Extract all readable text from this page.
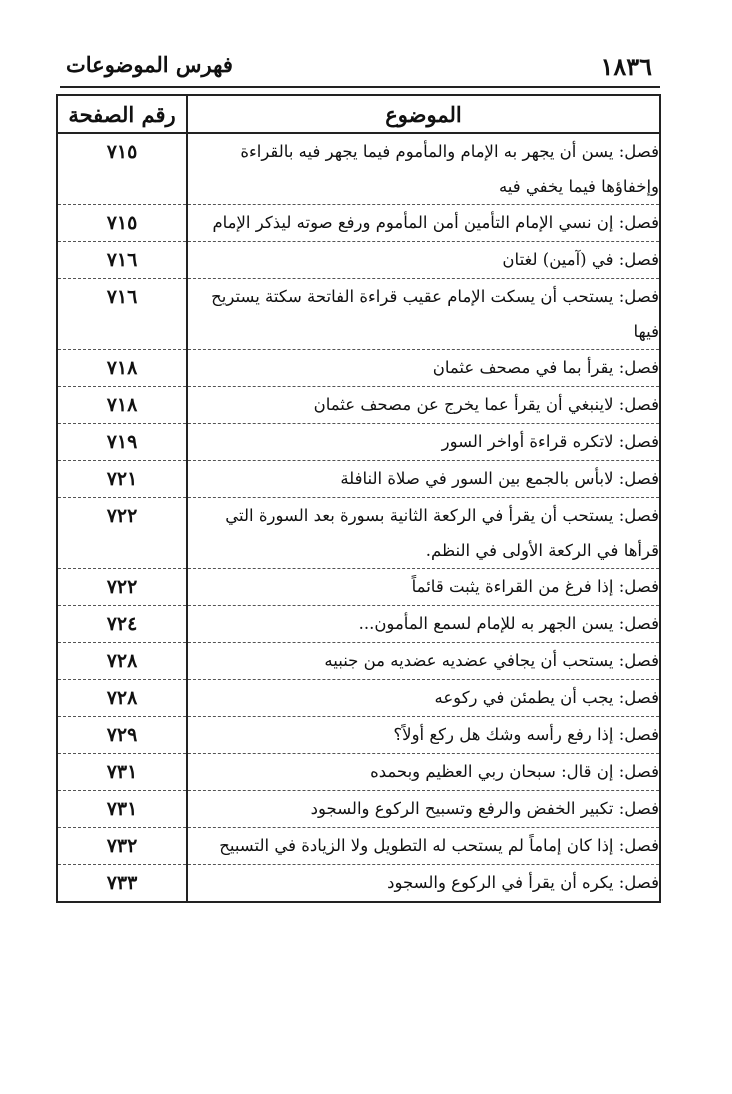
١٨٣٦
فهرس الموضوعات
الموضوع	رقم الصفحة
فصل: يسن أن يجهر به الإمام والمأموم فيما يجهر فيه بالقراءة وإخفاؤها فيما يخفي فيه	٧١٥
فصل: إن نسي الإمام التأمين أمن المأموم ورفع صوته ليذكر الإمام	٧١٥
فصل: في (آمين) لغتان	٧١٦
فصل: يستحب أن يسكت الإمام عقيب قراءة الفاتحة سكتة يستريح فيها	٧١٦
فصل: يقرأ بما في مصحف عثمان	٧١٨
فصل: لاينبغي أن يقرأ عما يخرج عن مصحف عثمان	٧١٨
فصل: لاتكره قراءة أواخر السور	٧١٩
فصل: لابأس بالجمع بين السور في صلاة النافلة	٧٢١
فصل: يستحب أن يقرأ في الركعة الثانية بسورة بعد السورة التي قرأها في الركعة الأولى في النظم.	٧٢٢
فصل: إذا فرغ من القراءة يثبت قائماً	٧٢٢
فصل: يسن الجهر به للإمام لسمع المأمون...	٧٢٤
فصل: يستحب أن يجافي عضديه عضديه من جنبيه	٧٢٨
فصل: يجب أن يطمئن في ركوعه	٧٢٨
فصل: إذا رفع رأسه وشك هل ركع أولاً؟	٧٢٩
فصل: إن قال: سبحان ربي العظيم وبحمده	٧٣١
فصل: تكبير الخفض والرفع وتسبيح الركوع والسجود	٧٣١
فصل: إذا كان إماماً لم يستحب له التطويل ولا الزيادة في التسبيح	٧٣٢
فصل: يكره أن يقرأ في الركوع والسجود	٧٣٣
